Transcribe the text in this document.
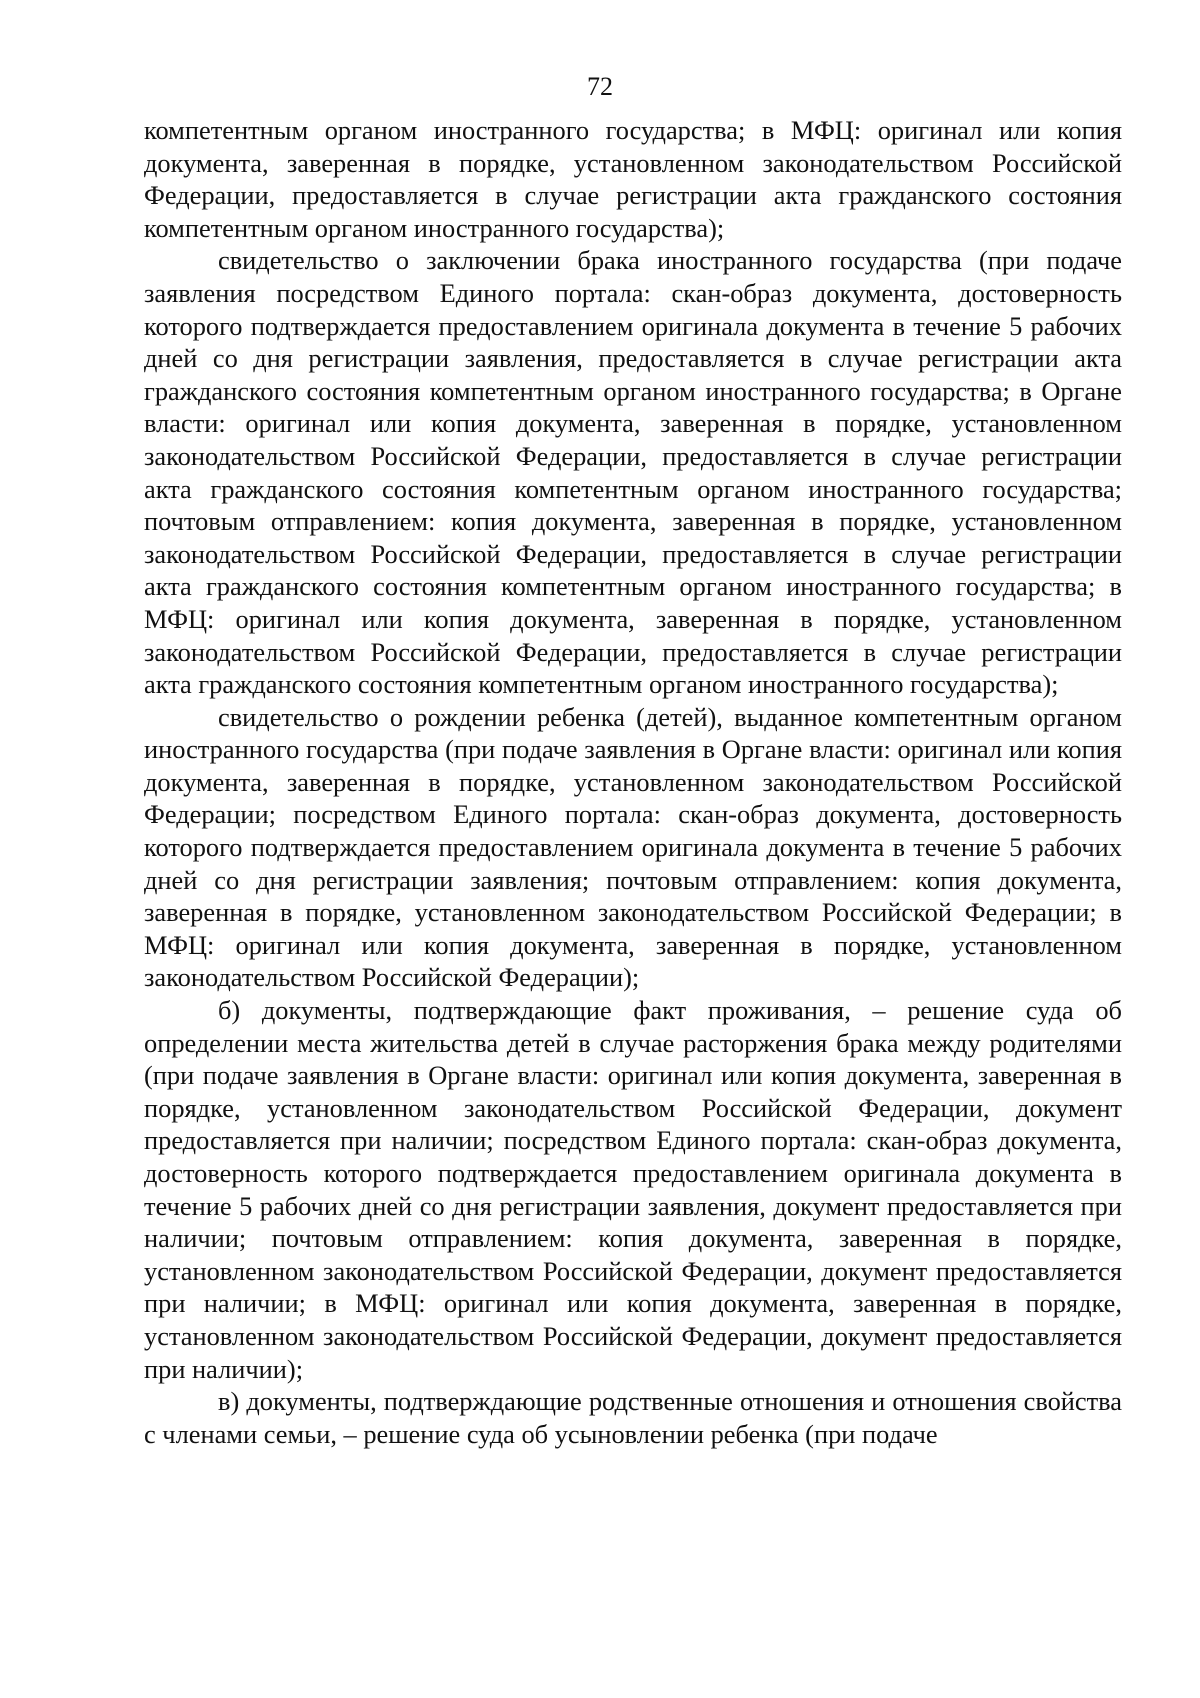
72

компетентным органом иностранного государства; в МФЦ: оригинал или копия документа, заверенная в порядке, установленном законодательством Российской Федерации, предоставляется в случае регистрации акта гражданского состояния компетентным органом иностранного государства);

свидетельство о заключении брака иностранного государства (при подаче заявления посредством Единого портала: скан-образ документа, достоверность которого подтверждается предоставлением оригинала документа в течение 5 рабочих дней со дня регистрации заявления, предоставляется в случае регистрации акта гражданского состояния компетентным органом иностранного государства; в Органе власти: оригинал или копия документа, заверенная в порядке, установленном законодательством Российской Федерации, предоставляется в случае регистрации акта гражданского состояния компетентным органом иностранного государства; почтовым отправлением: копия документа, заверенная в порядке, установленном законодательством Российской Федерации, предоставляется в случае регистрации акта гражданского состояния компетентным органом иностранного государства; в МФЦ: оригинал или копия документа, заверенная в порядке, установленном законодательством Российской Федерации, предоставляется в случае регистрации акта гражданского состояния компетентным органом иностранного государства);

свидетельство о рождении ребенка (детей), выданное компетентным органом иностранного государства (при подаче заявления в Органе власти: оригинал или копия документа, заверенная в порядке, установленном законодательством Российской Федерации; посредством Единого портала: скан-образ документа, достоверность которого подтверждается предоставлением оригинала документа в течение 5 рабочих дней со дня регистрации заявления; почтовым отправлением: копия документа, заверенная в порядке, установленном законодательством Российской Федерации; в МФЦ: оригинал или копия документа, заверенная в порядке, установленном законодательством Российской Федерации);

б) документы, подтверждающие факт проживания, – решение суда об определении места жительства детей в случае расторжения брака между родителями (при подаче заявления в Органе власти: оригинал или копия документа, заверенная в порядке, установленном законодательством Российской Федерации, документ предоставляется при наличии; посредством Единого портала: скан-образ документа, достоверность которого подтверждается предоставлением оригинала документа в течение 5 рабочих дней со дня регистрации заявления, документ предоставляется при наличии; почтовым отправлением: копия документа, заверенная в порядке, установленном законодательством Российской Федерации, документ предоставляется при наличии; в МФЦ: оригинал или копия документа, заверенная в порядке, установленном законодательством Российской Федерации, документ предоставляется при наличии);

в) документы, подтверждающие родственные отношения и отношения свойства с членами семьи, – решение суда об усыновлении ребенка (при подаче
